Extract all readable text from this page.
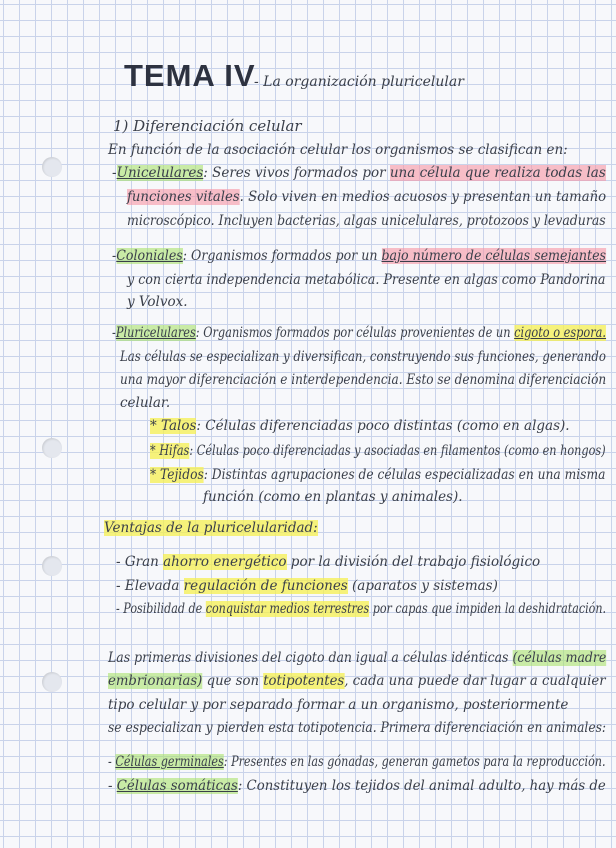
TEMA IV
- La organización pluricelular
1) Diferenciación celular
En función de la asociación celular los organismos se clasifican en:
-Unicelulares: Seres vivos formados por una célula que realiza todas las
funciones vitales. Solo viven en medios acuosos y presentan un tamaño
microscópico. Incluyen bacterias, algas unicelulares, protozoos y levaduras
-Coloniales: Organismos formados por un bajo número de células semejantes
y con cierta independencia metabólica. Presente en algas como Pandorina
y Volvox.
-Pluricelulares: Organismos formados por células provenientes de un cigoto o espora.
Las células se especializan y diversifican, construyendo sus funciones, generando
una mayor diferenciación e interdependencia. Esto se denomina diferenciación
celular.
* Talos: Células diferenciadas poco distintas (como en algas).
* Hifas: Células poco diferenciadas y asociadas en filamentos (como en hongos)
* Tejidos: Distintas agrupaciones de células especializadas en una misma
función (como en plantas y animales).
Ventajas de la pluricelularidad:
- Gran ahorro energético por la división del trabajo fisiológico
- Elevada regulación de funciones (aparatos y sistemas)
- Posibilidad de conquistar medios terrestres por capas que impiden la deshidratación.
Las primeras divisiones del cigoto dan igual a células idénticas (células madre
embrionarias) que son totipotentes, cada una puede dar lugar a cualquier
tipo celular y por separado formar a un organismo, posteriormente
se especializan y pierden esta totipotencia. Primera diferenciación en animales:
- Células germinales: Presentes en las gónadas, generan gametos para la reproducción.
- Células somáticas: Constituyen los tejidos del animal adulto, hay más de
